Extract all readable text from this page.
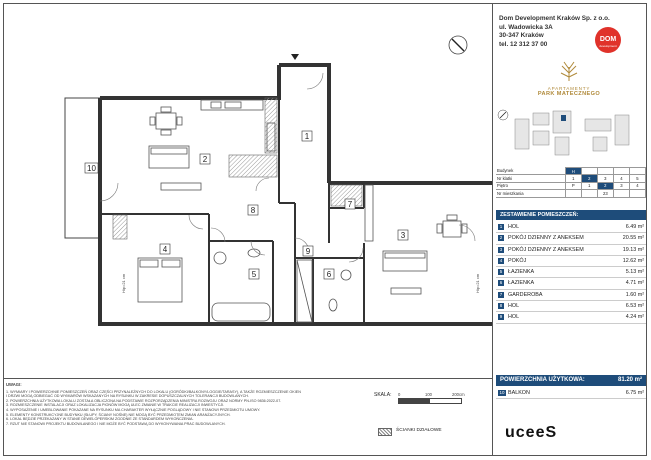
1
2
3
4
5	6
7
8
9
10
Hip=21 cm	Hip=21 cm
UWAGI:
1. WYMIARY I POWIERZCHNIE POMIESZCZEŃ ORAZ CZĘŚCI PRZYNALEŻNYCH DO LOKALU (OGRÓDKI/BALKONY/LOGGIE/TARASY), A TAKŻE ROZMIESZCZENIE OKIEN
I DRZWI MOGĄ ODBIEGAĆ OD WYMIARÓW WSKAZANYCH NA RYSUNKU W ZAKRESIE DOPUSZCZALNYCH TOLERANCJI BUDOWLANYCH.
2. POWIERZCHNIA UŻYTKOWA LOKALU ZOSTAŁA OBLICZONA NA PODSTAWIE ROZPORZĄDZENIA MINISTRA ROZWOJU ORAZ NORMY PN-ISO 9836:2022-07.
3. ROZMIESZCZENIE INSTALACJI ORAZ LOKALIZACJA PIONÓW MOGĄ ULEC ZMIANIE W TRAKCIE REALIZACJI INWESTYCJI.
4. WYPOSAŻENIE I UMEBLOWANIE POKAZANE NA RYSUNKU MA CHARAKTER WYŁĄCZNIE POGLĄDOWY I NIE STANOWI PRZEDMIOTU UMOWY.
5. ELEMENTY KONSTRUKCYJNE BUDYNKU (SŁUPY, ŚCIANY NOŚNE) NIE MOGĄ BYĆ PRZEDMIOTEM ZMIAN ARANŻACYJNYCH.
6. LOKAL BĘDZIE PRZEKAZANY W STANIE DEWELOPERSKIM ZGODNIE ZE STANDARDEM WYKOŃCZENIA.
7. RZUT NIE STANOWI PROJEKTU BUDOWLANEGO I NIE MOŻE BYĆ PODSTAWĄ DO WYKONYWANIA PRAC BUDOWLANYCH.
SKALA: 0	100	200cm
ŚCIANKI DZIAŁOWE
Dom Development Kraków Sp. z o.o.
ul. Wadowicka 3A
30-347 Kraków
tel. 12 312 37 00
DOM
development
APARTAMENTY
PARK MATECZNEGO
Budynek	H				
Nr klatki	1	2	3	4	5
Piętro	P	1	2	3	4
Nr mieszkania			23		
ZESTAWIENIE POMIESZCZEŃ:
1	HOL	6.49 m²
2	POKÓJ DZIENNY Z ANEKSEM	20.55 m²
3	POKÓJ DZIENNY Z ANEKSEM	19.13 m²
4	POKÓJ	12.62 m²
5	ŁAZIENKA	5.13 m²
6	ŁAZIENKA	4.71 m²
7	GARDEROBA	1.60 m²
8	HOL	6.53 m²
9	HOL	4.24 m²
POWIERZCHNIA UŻYTKOWA:	81.20 m²
10 BALKON	6.75 m²
uceeS
